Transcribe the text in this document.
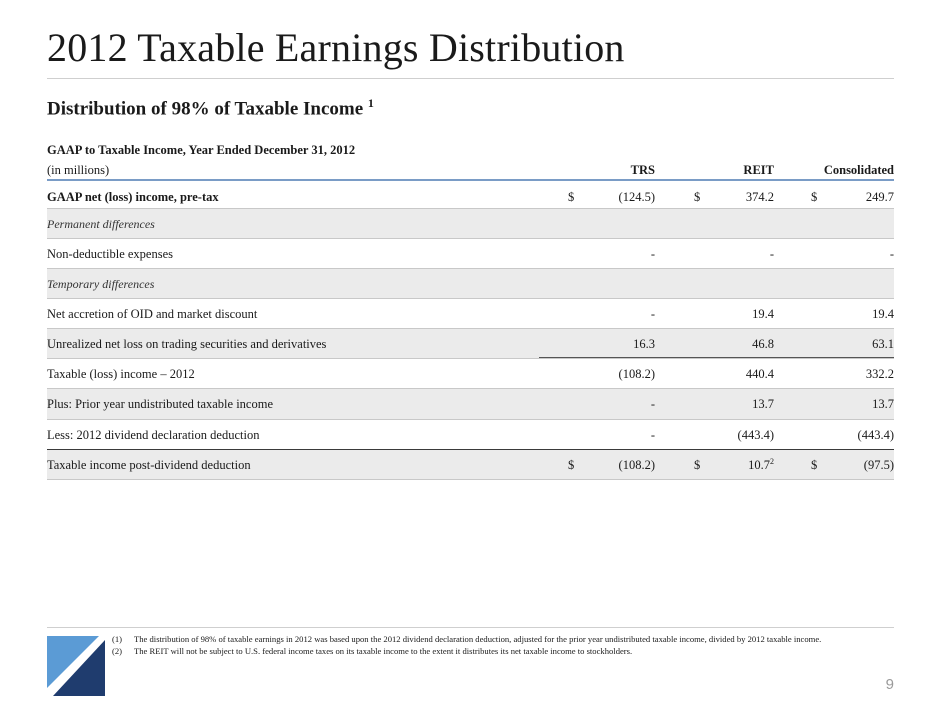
2012 Taxable Earnings Distribution
Distribution of 98% of Taxable Income $^1$
GAAP to Taxable Income, Year Ended December 31, 2012
(in millions)	TRS	REIT	Consolidated
GAAP net (loss) income, pre-tax	$	(124.5)	$	374.2	$	249.7
Permanent differences
Non-deductible expenses	-	-	-
Temporary differences
Net accretion of OID and market discount	-	19.4	19.4
Unrealized net loss on trading securities and derivatives	16.3	46.8	63.1
Taxable (loss) income – 2012	(108.2)	440.4	332.2
Plus: Prior year undistributed taxable income	-	13.7	13.7
Less: 2012 dividend declaration deduction	-	(443.4)	(443.4)
Taxable income post-dividend deduction	$	(108.2)	$	10.7$^2$	$	(97.5)

(1) The distribution of 98% of taxable earnings in 2012 was based upon the 2012 dividend declaration deduction, adjusted for the prior year undistributed taxable income, divided by 2012 taxable income.

(2) The REIT will not be subject to U.S. federal income taxes on its taxable income to the extent it distributes its net taxable income to stockholders.

9
